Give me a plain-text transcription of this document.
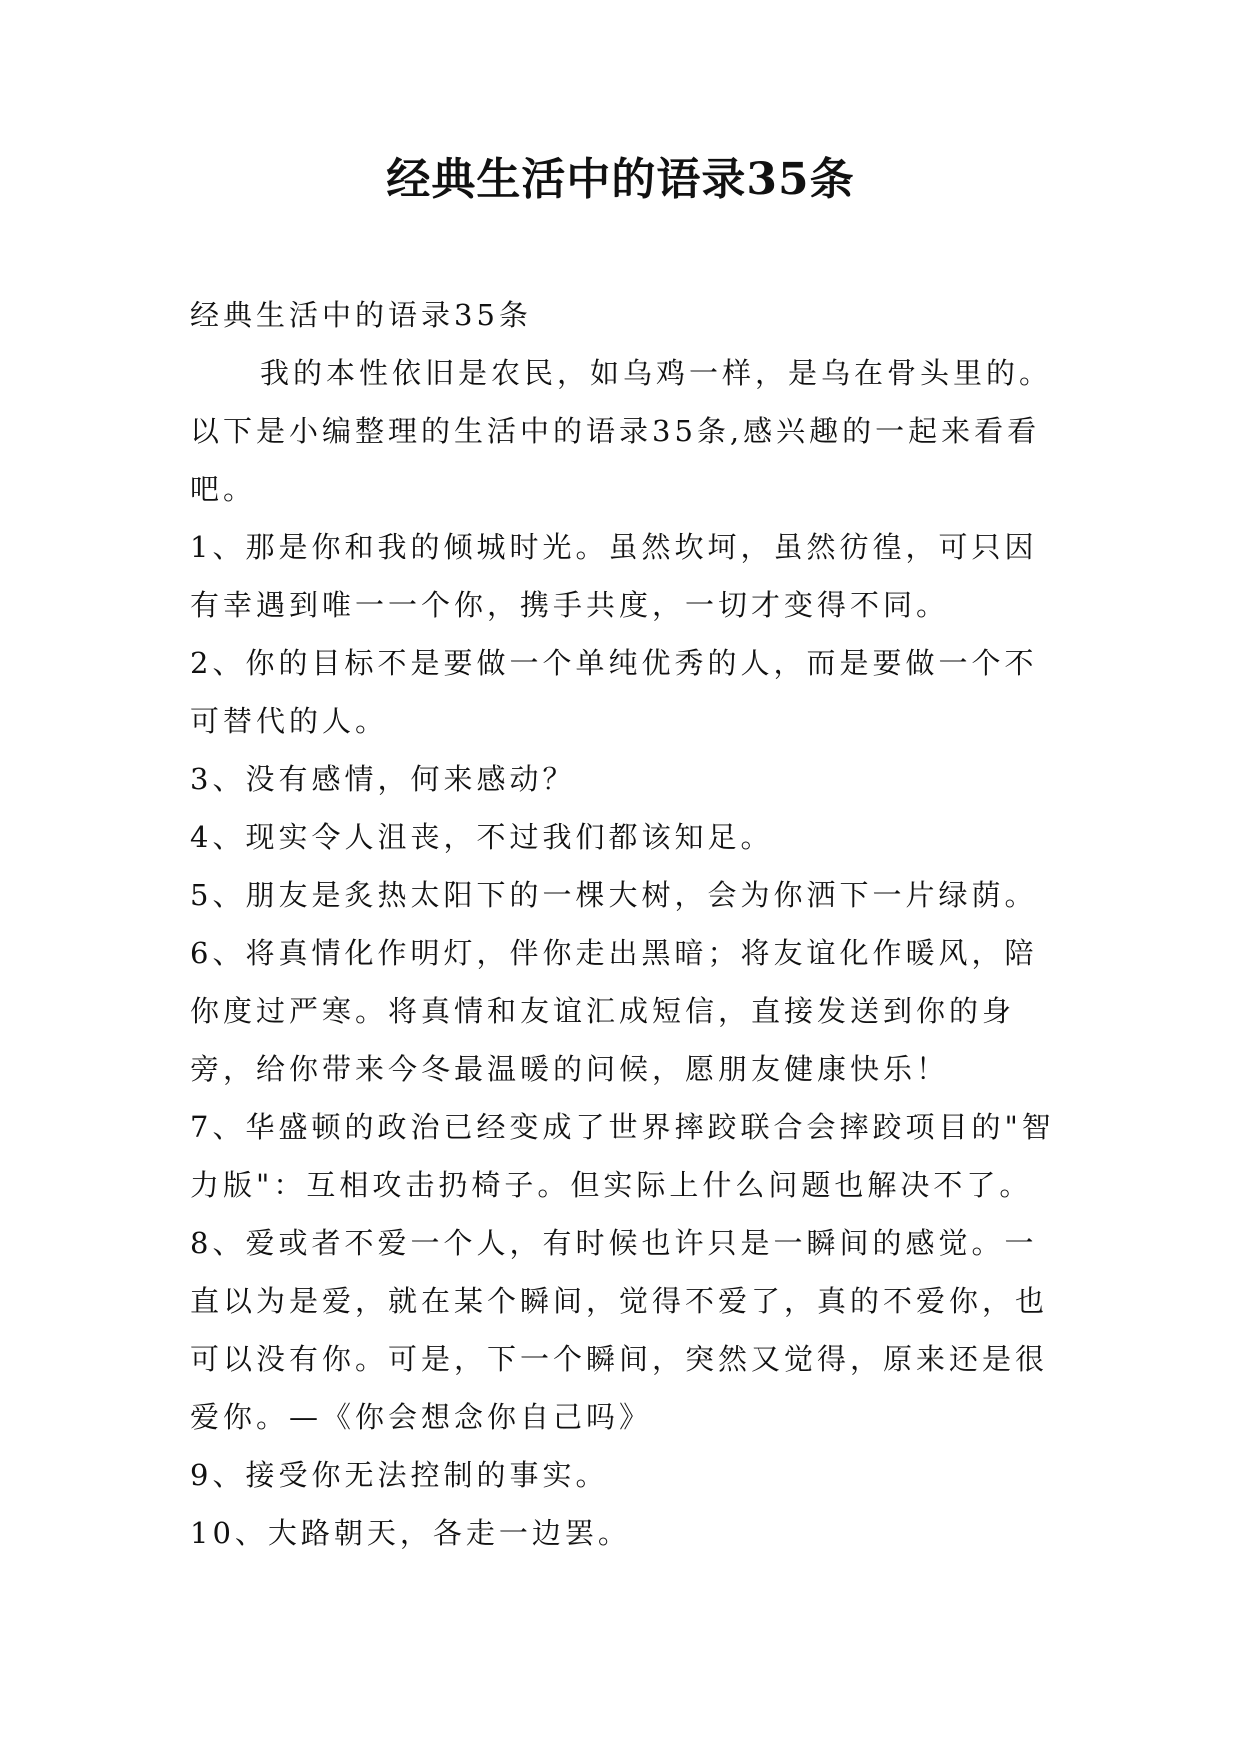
经典生活中的语录35条

经典生活中的语录35条

我的本性依旧是农民，如乌鸡一样，是乌在骨头里的。以下是小编整理的生活中的语录35条,感兴趣的一起来看看吧。

1、那是你和我的倾城时光。虽然坎坷，虽然彷徨，可只因有幸遇到唯一一个你，携手共度，一切才变得不同。

2、你的目标不是要做一个单纯优秀的人，而是要做一个不可替代的人。

3、没有感情，何来感动？

4、现实令人沮丧，不过我们都该知足。

5、朋友是炙热太阳下的一棵大树，会为你洒下一片绿荫。

6、将真情化作明灯，伴你走出黑暗；将友谊化作暖风，陪你度过严寒。将真情和友谊汇成短信，直接发送到你的身旁，给你带来今冬最温暖的问候，愿朋友健康快乐！

7、华盛顿的政治已经变成了世界摔跤联合会摔跤项目的"智力版"：互相攻击扔椅子。但实际上什么问题也解决不了。

8、爱或者不爱一个人，有时候也许只是一瞬间的感觉。一直以为是爱，就在某个瞬间，觉得不爱了，真的不爱你，也可以没有你。可是，下一个瞬间，突然又觉得，原来还是很爱你。—《你会想念你自己吗》

9、接受你无法控制的事实。

10、大路朝天，各走一边罢。
